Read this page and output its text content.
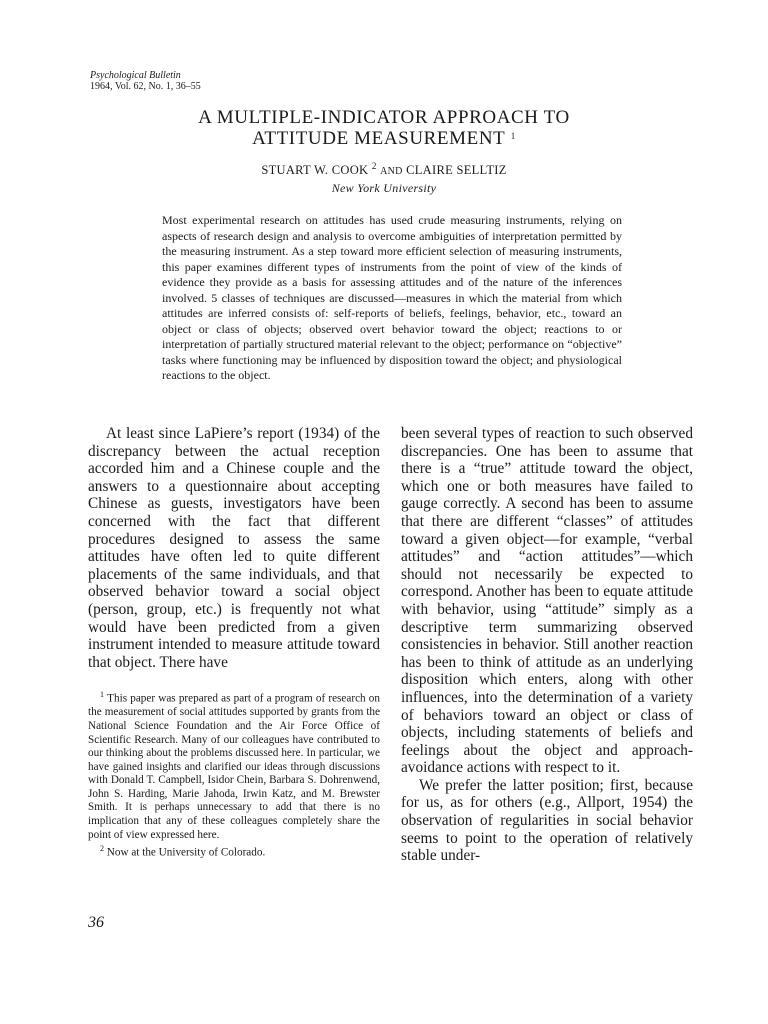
Psychological Bulletin
1964, Vol. 62, No. 1, 36–55
A MULTIPLE-INDICATOR APPROACH TO
ATTITUDE MEASUREMENT $^1$
STUART W. COOK $^2$ AND CLAIRE SELLTIZ
New York University
Most experimental research on attitudes has used crude measuring instruments, relying on aspects of research design and analysis to overcome ambiguities of interpretation permitted by the measuring instrument. As a step toward more efficient selection of measuring instruments, this paper examines different types of instruments from the point of view of the kinds of evidence they provide as a basis for assessing attitudes and of the nature of the inferences involved. 5 classes of techniques are discussed—measures in which the material from which attitudes are inferred consists of: self-reports of beliefs, feelings, behavior, etc., toward an object or class of objects; observed overt behavior toward the object; reactions to or interpretation of partially structured material relevant to the object; performance on “objective” tasks where functioning may be influenced by disposition toward the object; and physiological reactions to the object.

At least since LaPiere’s report (1934) of the discrepancy between the actual reception accorded him and a Chinese couple and the answers to a questionnaire about accepting Chinese as guests, investigators have been concerned with the fact that different procedures designed to assess the same attitudes have often led to quite different placements of the same individuals, and that observed behavior toward a social object (person, group, etc.) is frequently not what would have been predicted from a given instrument intended to measure attitude toward that object. There have

$^1$ This paper was prepared as part of a program of research on the measurement of social attitudes supported by grants from the National Science Foundation and the Air Force Office of Scientific Research. Many of our colleagues have contributed to our thinking about the problems discussed here. In particular, we have gained insights and clarified our ideas through discussions with Donald T. Campbell, Isidor Chein, Barbara S. Dohrenwend, John S. Harding, Marie Jahoda, Irwin Katz, and M. Brewster Smith. It is perhaps unnecessary to add that there is no implication that any of these colleagues completely share the point of view expressed here.

$^2$ Now at the University of Colorado.

been several types of reaction to such observed discrepancies. One has been to assume that there is a “true” attitude toward the object, which one or both measures have failed to gauge correctly. A second has been to assume that there are different “classes” of attitudes toward a given object—for example, “verbal attitudes” and “action attitudes”—which should not necessarily be expected to correspond. Another has been to equate attitude with behavior, using “attitude” simply as a descriptive term summarizing observed consistencies in behavior. Still another reaction has been to think of attitude as an underlying disposition which enters, along with other influences, into the determination of a variety of behaviors toward an object or class of objects, including statements of beliefs and feelings about the object and approach-avoidance actions with respect to it.

We prefer the latter position; first, because for us, as for others (e.g., Allport, 1954) the observation of regularities in social behavior seems to point to the operation of relatively stable under-

36
